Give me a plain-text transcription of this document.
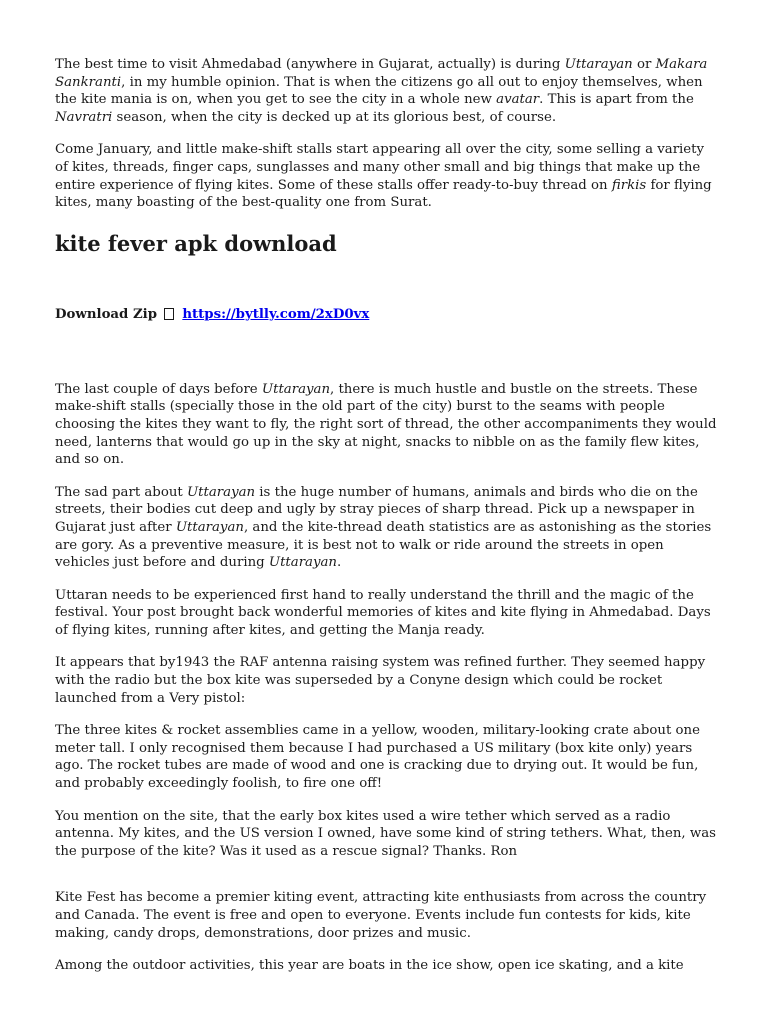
The best time to visit Ahmedabad (anywhere in Gujarat, actually) is during Uttarayan or Makara Sankranti, in my humble opinion. That is when the citizens go all out to enjoy themselves, when the kite mania is on, when you get to see the city in a whole new avatar. This is apart from the Navratri season, when the city is decked up at its glorious best, of course.

Come January, and little make-shift stalls start appearing all over the city, some selling a variety of kites, threads, finger caps, sunglasses and many other small and big things that make up the entire experience of flying kites. Some of these stalls offer ready-to-buy thread on firkis for flying kites, many boasting of the best-quality one from Surat.

kite fever apk download
Download Zip https://bytlly.com/2xD0vx

The last couple of days before Uttarayan, there is much hustle and bustle on the streets. These make-shift stalls (specially those in the old part of the city) burst to the seams with people choosing the kites they want to fly, the right sort of thread, the other accompaniments they would need, lanterns that would go up in the sky at night, snacks to nibble on as the family flew kites, and so on.

The sad part about Uttarayan is the huge number of humans, animals and birds who die on the streets, their bodies cut deep and ugly by stray pieces of sharp thread. Pick up a newspaper in Gujarat just after Uttarayan, and the kite-thread death statistics are as astonishing as the stories are gory. As a preventive measure, it is best not to walk or ride around the streets in open vehicles just before and during Uttarayan.

Uttaran needs to be experienced first hand to really understand the thrill and the magic of the festival. Your post brought back wonderful memories of kites and kite flying in Ahmedabad. Days of flying kites, running after kites, and getting the Manja ready.

It appears that by1943 the RAF antenna raising system was refined further. They seemed happy with the radio but the box kite was superseded by a Conyne design which could be rocket launched from a Very pistol:

The three kites & rocket assemblies came in a yellow, wooden, military-looking crate about one meter tall. I only recognised them because I had purchased a US military (box kite only) years ago. The rocket tubes are made of wood and one is cracking due to drying out. It would be fun, and probably exceedingly foolish, to fire one off!

You mention on the site, that the early box kites used a wire tether which served as a radio antenna. My kites, and the US version I owned, have some kind of string tethers. What, then, was the purpose of the kite? Was it used as a rescue signal? Thanks. Ron

Kite Fest has become a premier kiting event, attracting kite enthusiasts from across the country and Canada. The event is free and open to everyone. Events include fun contests for kids, kite making, candy drops, demonstrations, door prizes and music.

Among the outdoor activities, this year are boats in the ice show, open ice skating, and a kite
